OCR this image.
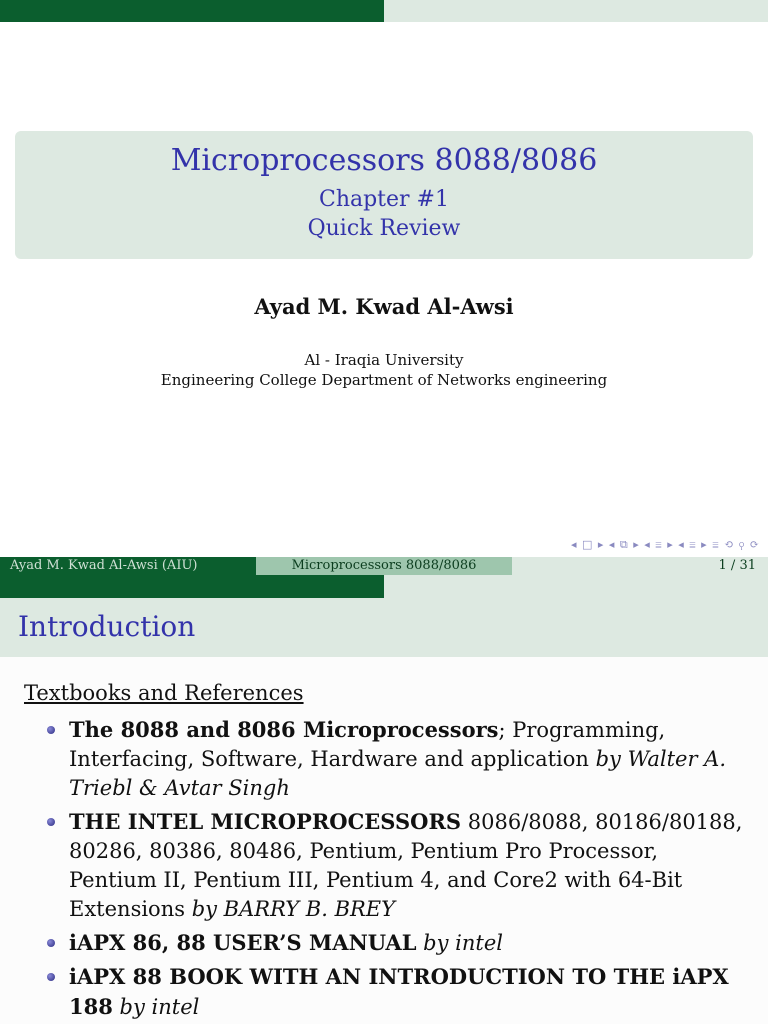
Microprocessors 8088/8086
Chapter #1
Quick Review
Ayad M. Kwad Al-Awsi
Al - Iraqia University
Engineering College Department of Networks engineering
◂ □ ▸ ◂ ⧉ ▸ ◂ ≣ ▸ ◂ ≣ ▸ ≣ ⟲ ⚲ ⟳
Ayad M. Kwad Al-Awsi (AIU)	Microprocessors 8088/8086	1 / 31
Introduction
Textbooks and References
The 8088 and 8086 Microprocessors; Programming, Interfacing, Software, Hardware and application by Walter A. Triebl & Avtar Singh
THE INTEL MICROPROCESSORS 8086/8088, 80186/80188, 80286, 80386, 80486, Pentium, Pentium Pro Processor, Pentium II, Pentium III, Pentium 4, and Core2 with 64-Bit Extensions by BARRY B. BREY
iAPX 86, 88 USER’S MANUAL by intel
iAPX 88 BOOK WITH AN INTRODUCTION TO THE iAPX 188 by intel
